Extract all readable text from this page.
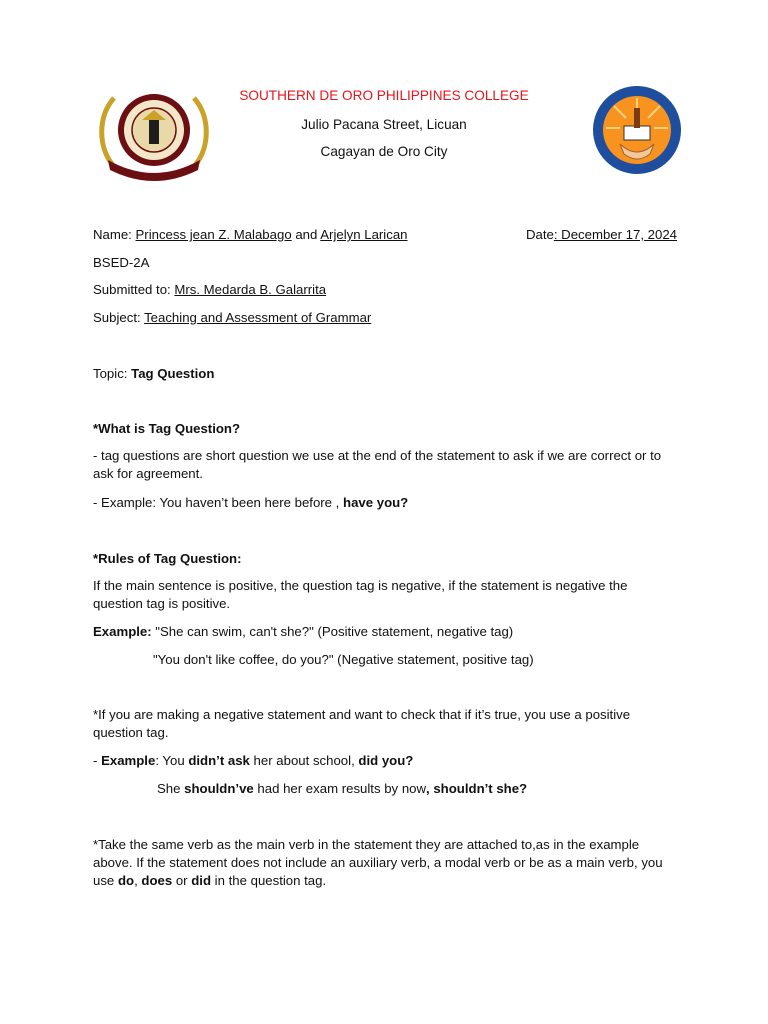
SOUTHERN DE ORO PHILIPPINES COLLEGE
Julio Pacana Street, Licuan
Cagayan de Oro City
Name: Princess jean Z. Malabago and Arjelyn Larican	Date: December 17, 2024
BSED-2A
Submitted to: Mrs. Medarda B. Galarrita
Subject: Teaching and Assessment of Grammar
Topic: Tag Question
*What is Tag Question?
- tag questions are short question we use at the end of the statement to ask if we are correct or to ask for agreement.
- Example: You haven’t been here before , have you?
*Rules of Tag Question:
If the main sentence is positive, the question tag is negative, if the statement is negative the question tag is positive.
Example: "She can swim, can't she?" (Positive statement, negative tag)
"You don't like coffee, do you?" (Negative statement, positive tag)
*If you are making a negative statement and want to check that if it’s true, you use a positive question tag.
- Example: You didn’t ask her about school, did you?
She shouldn’ve had her exam results by now, shouldn’t she?
*Take the same verb as the main verb in the statement they are attached to,as in the example above. If the statement does not include an auxiliary verb, a modal verb or be as a main verb, you use do, does or did in the question tag.
